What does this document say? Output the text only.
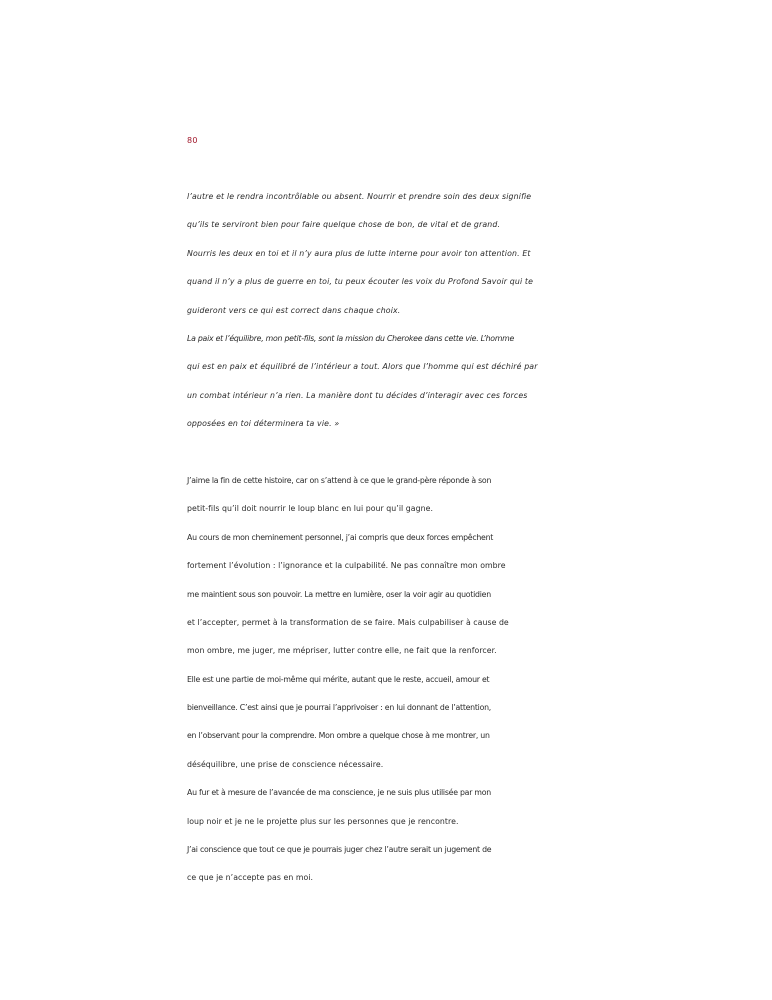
80
l’autre et le rendra incontrôlable ou absent. Nourrir et prendre soin des deux signifie
qu’ils te serviront bien pour faire quelque chose de bon, de vital et de grand.
Nourris les deux en toi et il n’y aura plus de lutte interne pour avoir ton attention. Et
quand il n’y a plus de guerre en toi, tu peux écouter les voix du Profond Savoir qui te
guideront vers ce qui est correct dans chaque choix.
La paix et l’équilibre, mon petit-fils, sont la mission du Cherokee dans cette vie. L’homme
qui est en paix et équilibré de l’intérieur a tout. Alors que l’homme qui est déchiré par
un combat intérieur n’a rien. La manière dont tu décides d’interagir avec ces forces
opposées en toi déterminera ta vie. »
J’aime la fin de cette histoire, car on s’attend à ce que le grand-père réponde à son
petit-fils qu’il doit nourrir le loup blanc en lui pour qu’il gagne.
Au cours de mon cheminement personnel, j’ai compris que deux forces empêchent
fortement l’évolution : l’ignorance et la culpabilité. Ne pas connaître mon ombre
me maintient sous son pouvoir. La mettre en lumière, oser la voir agir au quotidien
et l’accepter, permet à la transformation de se faire. Mais culpabiliser à cause de
mon ombre, me juger, me mépriser, lutter contre elle, ne fait que la renforcer.
Elle est une partie de moi-même qui mérite, autant que le reste, accueil, amour et
bienveillance. C’est ainsi que je pourrai l’apprivoiser : en lui donnant de l’attention,
en l’observant pour la comprendre. Mon ombre a quelque chose à me montrer, un
déséquilibre, une prise de conscience nécessaire.
Au fur et à mesure de l’avancée de ma conscience, je ne suis plus utilisée par mon
loup noir et je ne le projette plus sur les personnes que je rencontre.
J’ai conscience que tout ce que je pourrais juger chez l’autre serait un jugement de
ce que je n’accepte pas en moi.
